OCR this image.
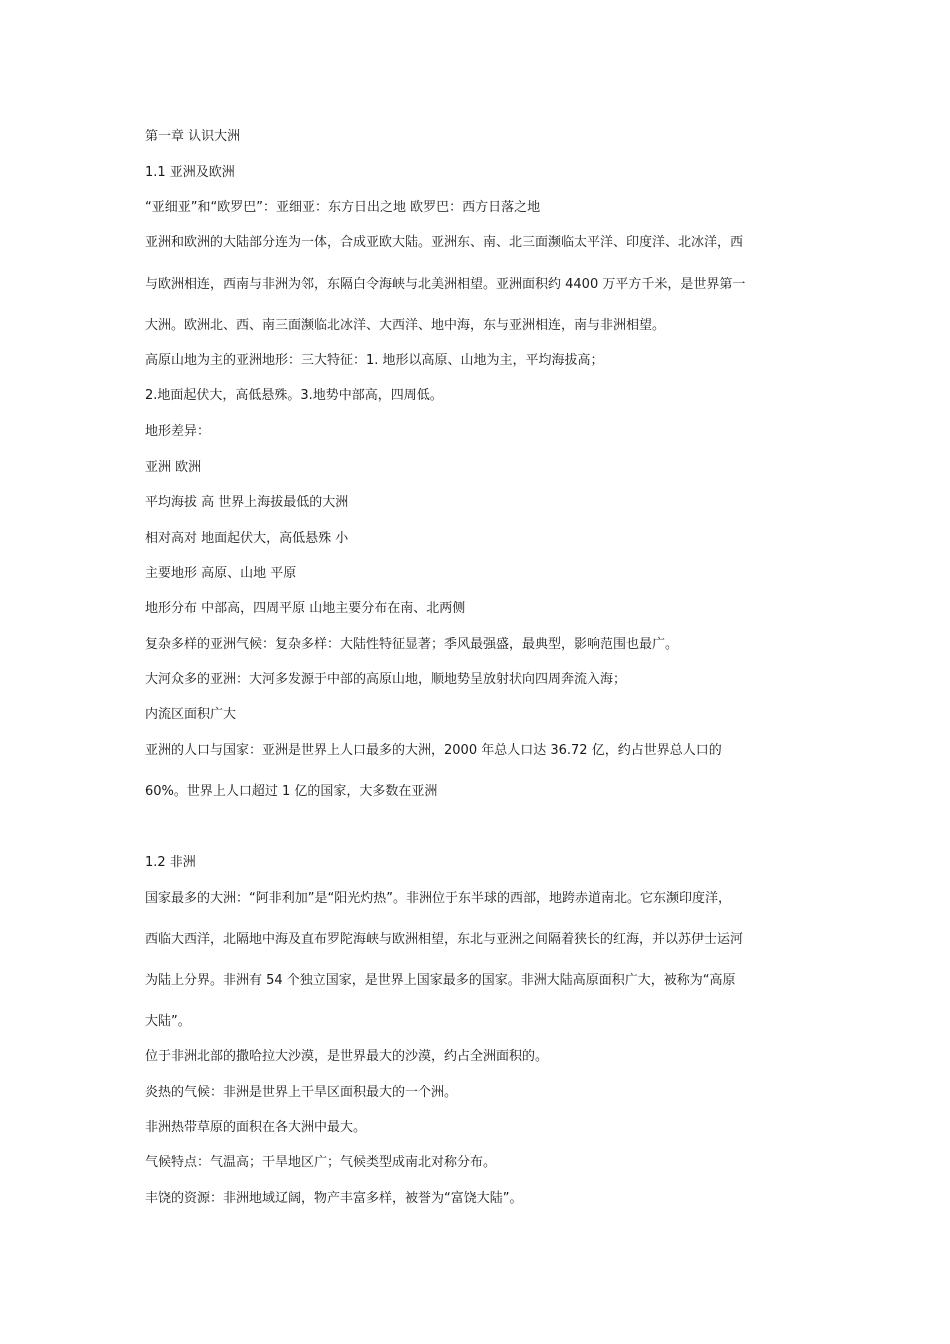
第一章 认识大洲

1.1 亚洲及欧洲

“亚细亚”和“欧罗巴”：亚细亚：东方日出之地 欧罗巴：西方日落之地

亚洲和欧洲的大陆部分连为一体，合成亚欧大陆。亚洲东、南、北三面濒临太平洋、印度洋、北冰洋，西

与欧洲相连，西南与非洲为邻，东隔白令海峡与北美洲相望。亚洲面积约 4400 万平方千米，是世界第一

大洲。欧洲北、西、南三面濒临北冰洋、大西洋、地中海，东与亚洲相连，南与非洲相望。

高原山地为主的亚洲地形：三大特征：1. 地形以高原、山地为主，平均海拔高；

2.地面起伏大，高低悬殊。3.地势中部高，四周低。

地形差异：

亚洲 欧洲

平均海拔 高 世界上海拔最低的大洲

相对高对 地面起伏大，高低悬殊 小

主要地形 高原、山地 平原

地形分布 中部高，四周平原 山地主要分布在南、北两侧

复杂多样的亚洲气候：复杂多样：大陆性特征显著；季风最强盛，最典型，影响范围也最广。

大河众多的亚洲：大河多发源于中部的高原山地，顺地势呈放射状向四周奔流入海；

内流区面积广大

亚洲的人口与国家：亚洲是世界上人口最多的大洲，2000 年总人口达 36.72 亿，约占世界总人口的

60%。世界上人口超过 1 亿的国家，大多数在亚洲

1.2 非洲

国家最多的大洲：“阿非利加”是“阳光灼热”。非洲位于东半球的西部，地跨赤道南北。它东濒印度洋，

西临大西洋，北隔地中海及直布罗陀海峡与欧洲相望，东北与亚洲之间隔着狭长的红海，并以苏伊士运河

为陆上分界。非洲有 54 个独立国家，是世界上国家最多的国家。非洲大陆高原面积广大，被称为“高原

大陆”。

位于非洲北部的撒哈拉大沙漠，是世界最大的沙漠，约占全洲面积的。

炎热的气候：非洲是世界上干旱区面积最大的一个洲。

非洲热带草原的面积在各大洲中最大。

气候特点：气温高；干旱地区广；气候类型成南北对称分布。

丰饶的资源：非洲地域辽阔，物产丰富多样，被誉为“富饶大陆”。
